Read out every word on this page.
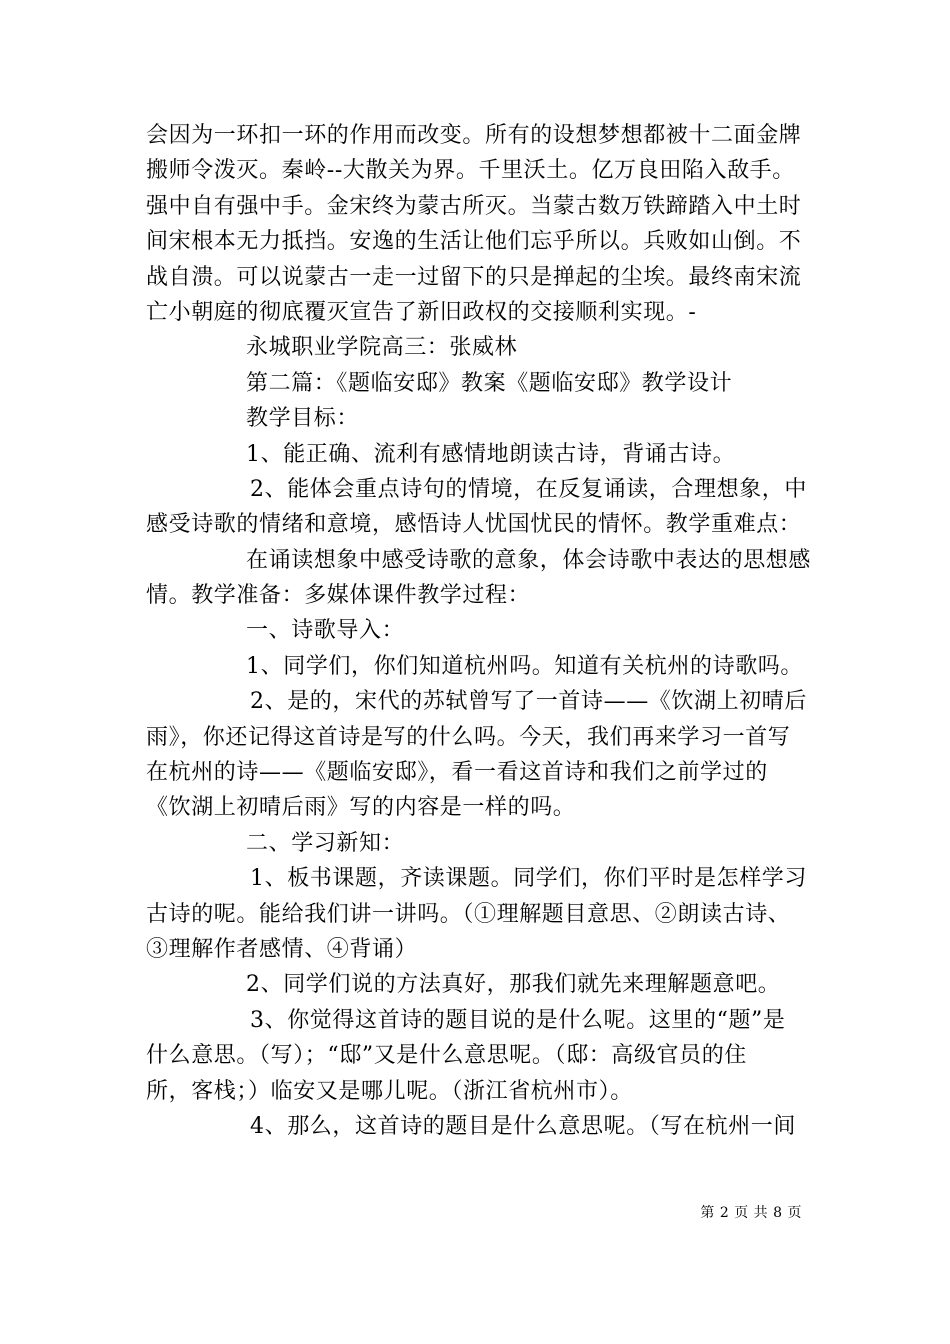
会因为一环扣一环的作用而改变。所有的设想梦想都被十二面金牌
搬师令泼灭。秦岭--大散关为界。千里沃土。亿万良田陷入敌手。
强中自有强中手。金宋终为蒙古所灭。当蒙古数万铁蹄踏入中土时
间宋根本无力抵挡。安逸的生活让他们忘乎所以。兵败如山倒。不
战自溃。可以说蒙古一走一过留下的只是掸起的尘埃。最终南宋流
亡小朝庭的彻底覆灭宣告了新旧政权的交接顺利实现。-
永城职业学院高三：张威林
第二篇：《题临安邸》教案《题临安邸》教学设计
教学目标：
1、能正确、流利有感情地朗读古诗，背诵古诗。
2、能体会重点诗句的情境，在反复诵读，合理想象，中
感受诗歌的情绪和意境，感悟诗人忧国忧民的情怀。教学重难点：
在诵读想象中感受诗歌的意象，体会诗歌中表达的思想感
情。教学准备：多媒体课件教学过程：
一、诗歌导入：
1、同学们，你们知道杭州吗。知道有关杭州的诗歌吗。
2、是的，宋代的苏轼曾写了一首诗——《饮湖上初晴后
雨》，你还记得这首诗是写的什么吗。今天，我们再来学习一首写
在杭州的诗——《题临安邸》，看一看这首诗和我们之前学过的
《饮湖上初晴后雨》写的内容是一样的吗。
二、学习新知：
1、板书课题，齐读课题。同学们，你们平时是怎样学习
古诗的呢。能给我们讲一讲吗。（①理解题目意思、②朗读古诗、
③理解作者感情、④背诵）
2、同学们说的方法真好，那我们就先来理解题意吧。
3、你觉得这首诗的题目说的是什么呢。这里的“题”是
什么意思。（写）；“邸”又是什么意思呢。（邸：高级官员的住
所，客栈；）临安又是哪儿呢。（浙江省杭州市）。
4、那么，这首诗的题目是什么意思呢。（写在杭州一间
第 2 页 共 8 页
